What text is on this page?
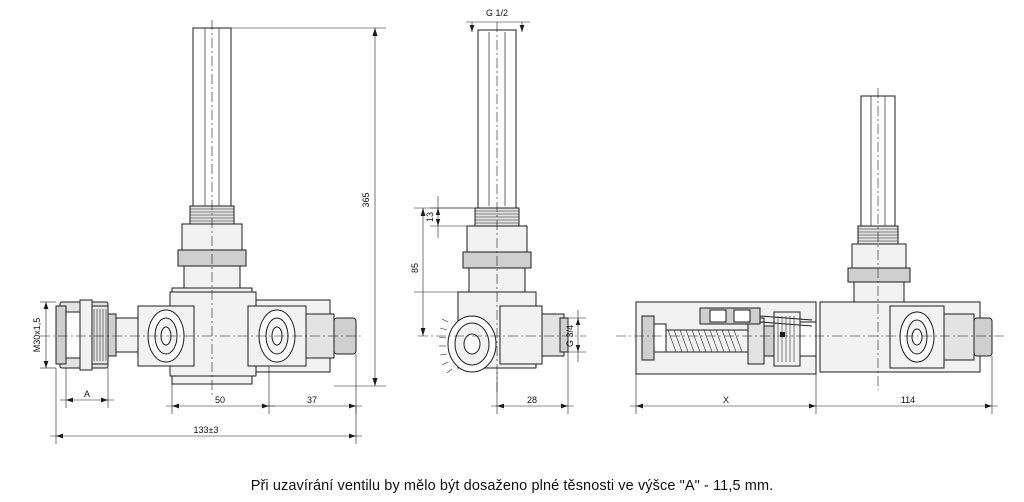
365
M30x1,5
A
50	37
133±3
G 1/2
13
85
G 3/4
28	X	114
Při uzavírání ventilu by mělo být dosaženo plné těsnosti ve výšce "A" - 11,5 mm.
